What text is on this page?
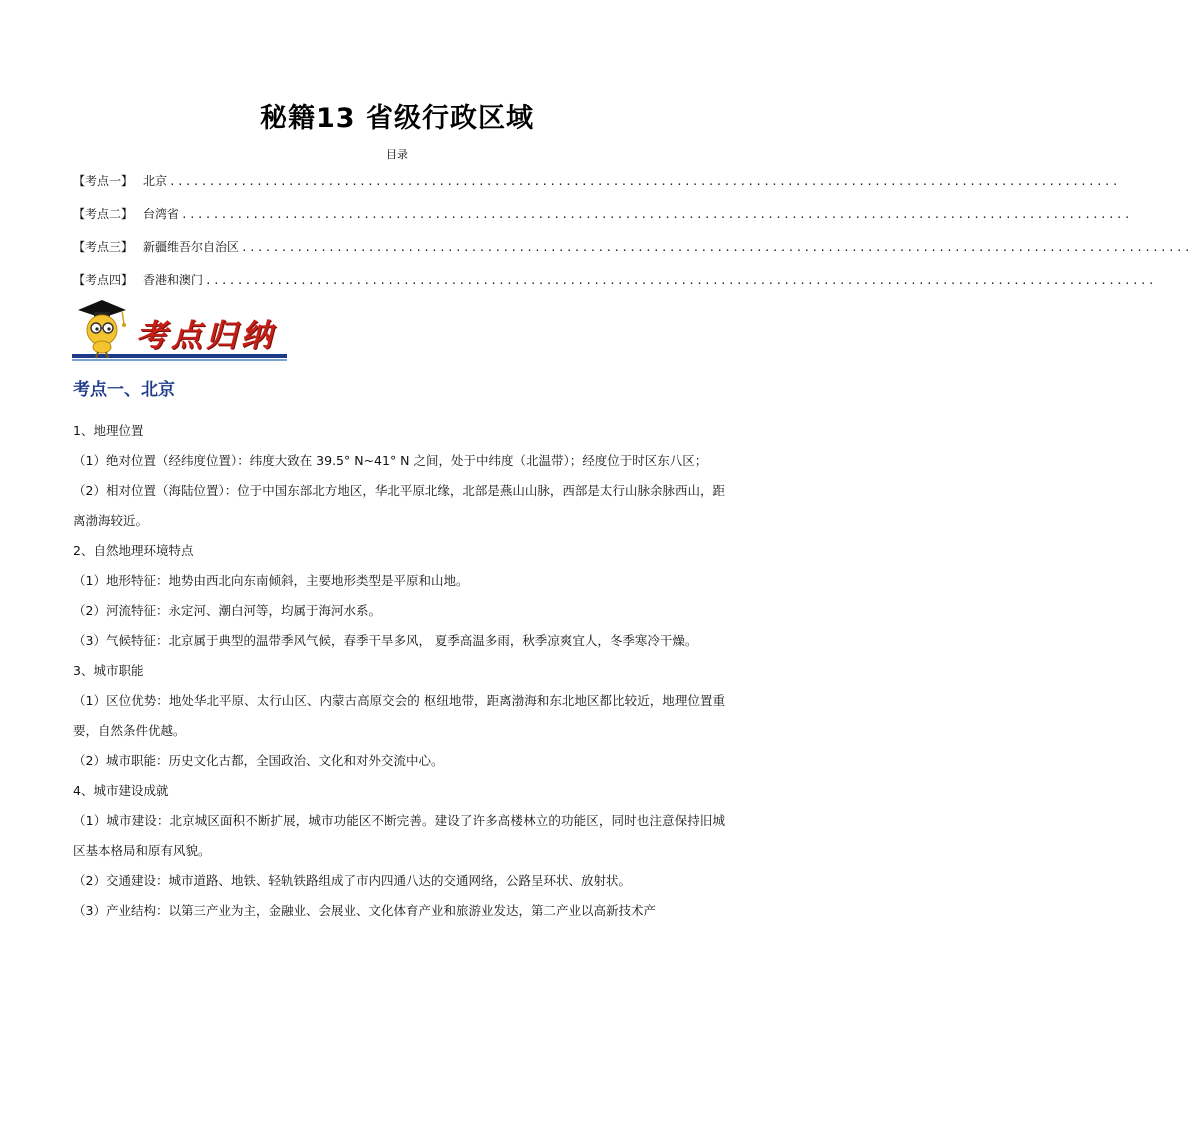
秘籍13 省级行政区域
目录
【考点一】 北京 ........................................................................................................................
【考点二】 台湾省 ........................................................................................................................
【考点三】 新疆维吾尔自治区 ........................................................................................................................
【考点四】 香港和澳门 ........................................................................................................................
考点归纳
考点一、北京

1、地理位置

（1）绝对位置（经纬度位置）：纬度大致在 39.5° N~41° N 之间，处于中纬度（北温带）；经度位于时区东八区；

（2）相对位置（海陆位置）：位于中国东部北方地区，华北平原北缘，北部是燕山山脉，西部是太行山脉余脉西山，距离渤海较近。

2、自然地理环境特点

（1）地形特征：地势由西北向东南倾斜，主要地形类型是平原和山地。

（2）河流特征：永定河、潮白河等，均属于海河水系。

（3）气候特征：北京属于典型的温带季风气候，春季干旱多风， 夏季高温多雨，秋季凉爽宜人，冬季寒冷干燥。

3、城市职能

（1）区位优势：地处华北平原、太行山区、内蒙古高原交会的 枢纽地带，距离渤海和东北地区都比较近，地理位置重要，自然条件优越。

（2）城市职能：历史文化古都，全国政治、文化和对外交流中心。

4、城市建设成就

（1）城市建设：北京城区面积不断扩展，城市功能区不断完善。建设了许多高楼林立的功能区，同时也注意保持旧城区基本格局和原有风貌。

（2）交通建设：城市道路、地铁、轻轨铁路组成了市内四通八达的交通网络，公路呈环状、放射状。

（3）产业结构：以第三产业为主，金融业、会展业、文化体育产业和旅游业发达，第二产业以高新技术产
